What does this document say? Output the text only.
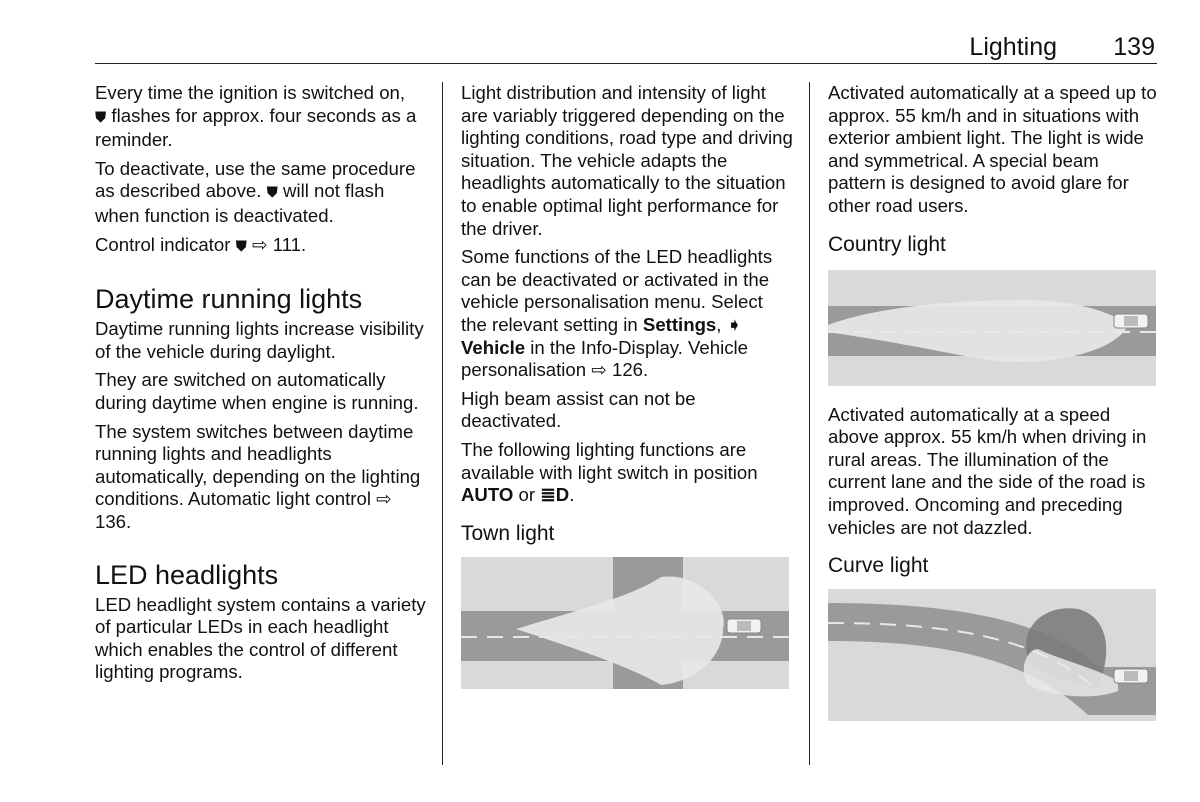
Lighting 139

Every time the ignition is switched on,
⛊ flashes for approx. four seconds as a reminder.

To deactivate, use the same procedure as described above. ⛊ will not flash when function is deactivated.

Control indicator ⛊ ⇨ 111.

Daytime running lights

Daytime running lights increase visibility of the vehicle during daylight.

They are switched on automatically during daytime when engine is running.

The system switches between daytime running lights and headlights automatically, depending on the lighting conditions. Automatic light control ⇨ 136.

LED headlights

LED headlight system contains a variety of particular LEDs in each headlight which enables the control of different lighting programs.

Light distribution and intensity of light are variably triggered depending on the lighting conditions, road type and driving situation. The vehicle adapts the headlights automatically to the situation to enable optimal light performance for the driver.

Some functions of the LED headlights can be deactivated or activated in the vehicle personalisation menu. Select the relevant setting in Settings, ➧ Vehicle in the Info-Display. Vehicle personalisation ⇨ 126.

High beam assist can not be deactivated.

The following lighting functions are available with light switch in position AUTO or ≣D.

Town light

Activated automatically at a speed up to approx. 55 km/h and in situations with exterior ambient light. The light is wide and symmetrical. A special beam pattern is designed to avoid glare for other road users.

Country light

Activated automatically at a speed above approx. 55 km/h when driving in rural areas. The illumination of the current lane and the side of the road is improved. Oncoming and preceding vehicles are not dazzled.

Curve light
